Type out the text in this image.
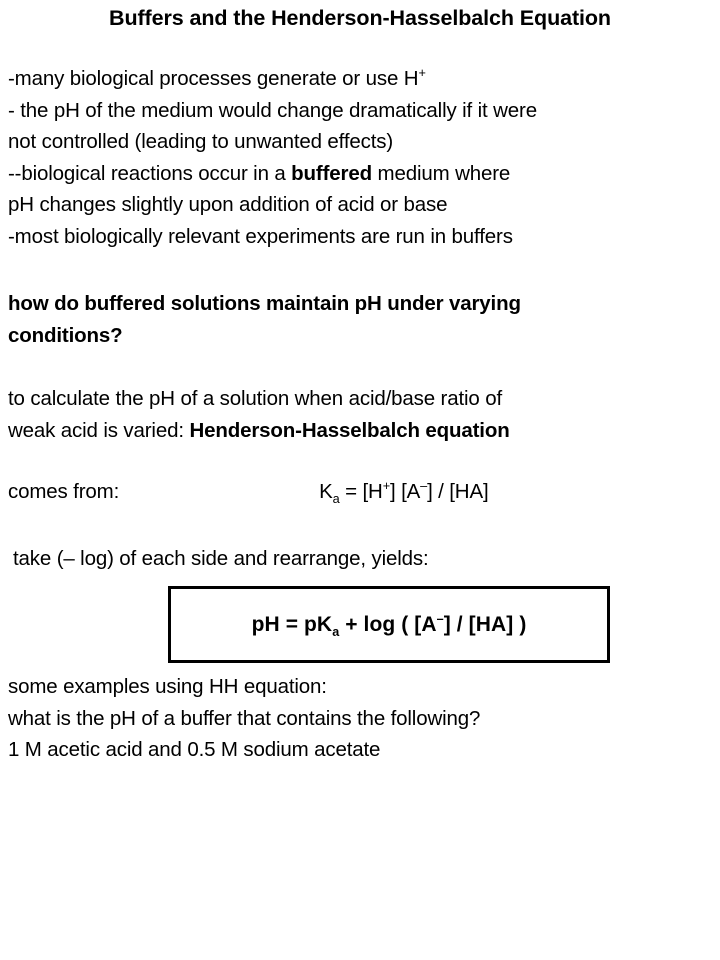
Buffers and the Henderson-Hasselbalch Equation
-many biological processes generate or use H+
- the pH of the medium would change dramatically if it were
not controlled (leading to unwanted effects)
--biological reactions occur in a buffered medium where
pH changes slightly upon addition of acid or base
-most biologically relevant experiments are run in buffers
how do buffered solutions maintain pH under varying
conditions?
to calculate the pH of a solution when acid/base ratio of
weak acid is varied: Henderson-Hasselbalch equation
comes from:	$K_a = [H^+]$ [A–] / [HA]
take (– log) of each side and rearrange, yields:
pH = $pK_a + \log$ ( [A–] / [HA] )
some examples using HH equation:
what is the pH of a buffer that contains the following?
1 M acetic acid and 0.5 M sodium acetate
